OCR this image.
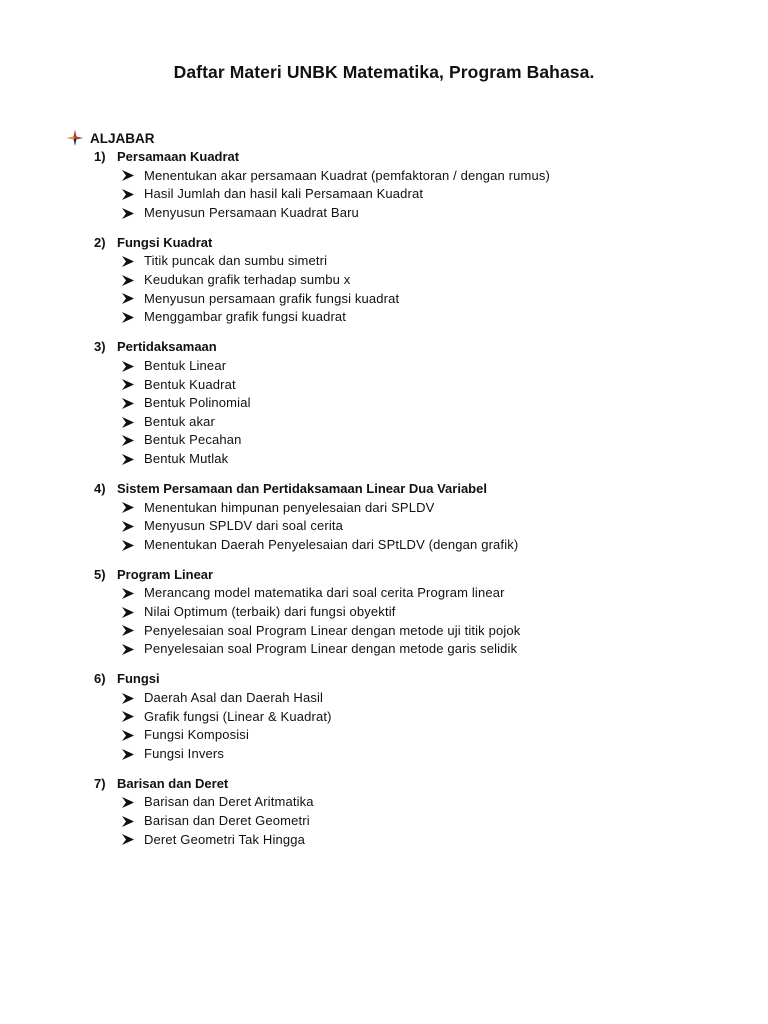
Daftar Materi UNBK Matematika, Program Bahasa.
ALJABAR
1) Persamaan Kuadrat
Menentukan akar persamaan Kuadrat (pemfaktoran / dengan rumus)
Hasil Jumlah dan hasil kali Persamaan Kuadrat
Menyusun Persamaan Kuadrat Baru
2) Fungsi Kuadrat
Titik puncak dan sumbu simetri
Keudukan grafik terhadap sumbu x
Menyusun persamaan grafik fungsi kuadrat
Menggambar grafik fungsi kuadrat
3) Pertidaksamaan
Bentuk Linear
Bentuk Kuadrat
Bentuk Polinomial
Bentuk akar
Bentuk Pecahan
Bentuk Mutlak
4) Sistem Persamaan dan Pertidaksamaan Linear Dua Variabel
Menentukan himpunan penyelesaian dari SPLDV
Menyusun SPLDV dari soal cerita
Menentukan Daerah Penyelesaian dari SPtLDV (dengan grafik)
5) Program Linear
Merancang model matematika dari soal cerita Program linear
Nilai Optimum (terbaik) dari fungsi obyektif
Penyelesaian soal Program Linear dengan metode uji titik pojok
Penyelesaian soal Program Linear dengan metode garis selidik
6) Fungsi
Daerah Asal dan Daerah Hasil
Grafik fungsi (Linear & Kuadrat)
Fungsi Komposisi
Fungsi Invers
7) Barisan dan Deret
Barisan dan Deret Aritmatika
Barisan dan Deret Geometri
Deret Geometri Tak Hingga
